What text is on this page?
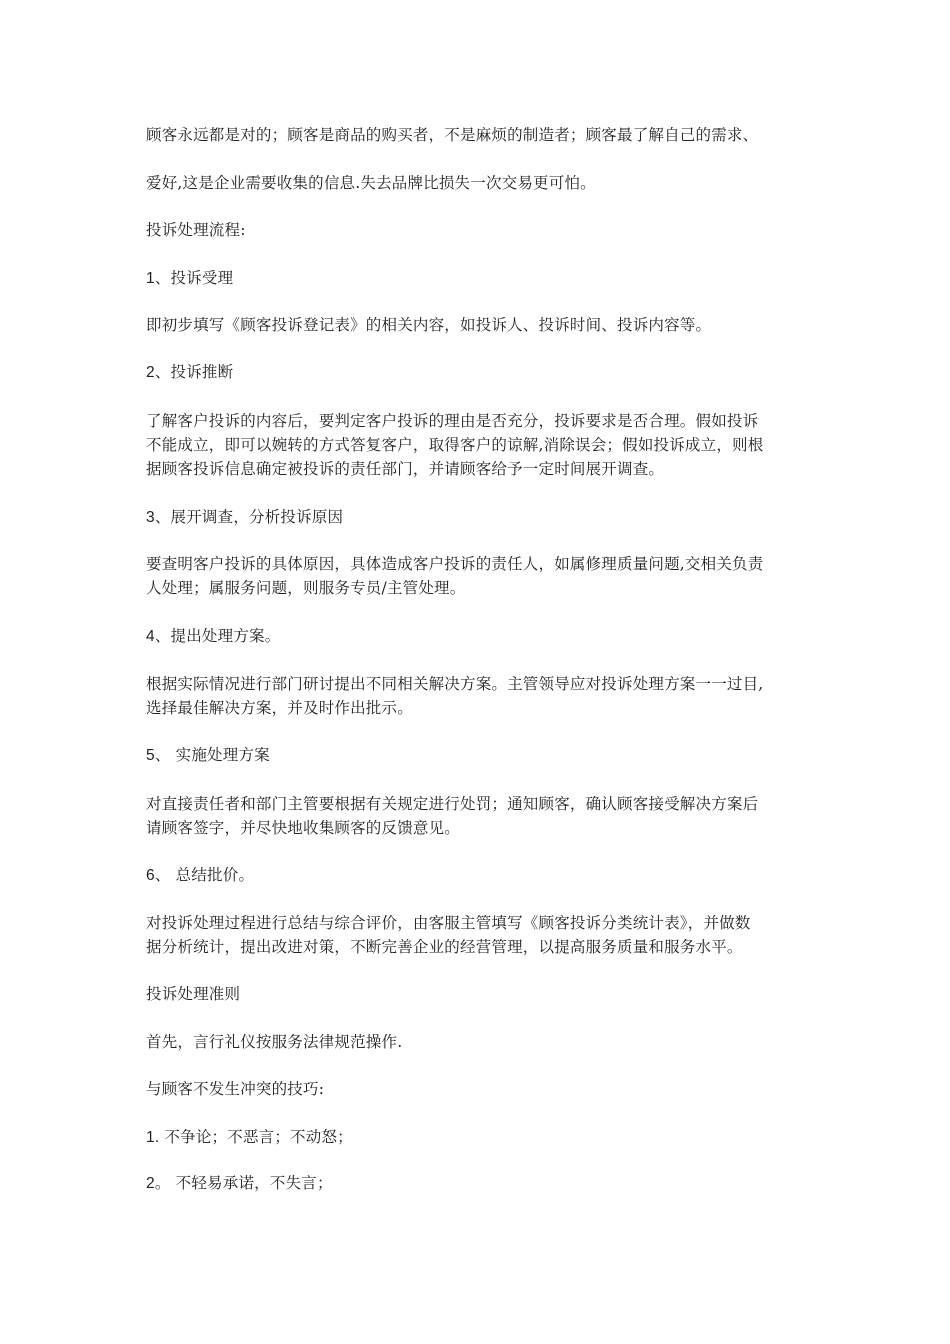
顾客永远都是对的；顾客是商品的购买者，不是麻烦的制造者；顾客最了解自己的需求、
爱好,这是企业需要收集的信息.失去品牌比损失一次交易更可怕。
投诉处理流程:
1、投诉受理
即初步填写《顾客投诉登记表》的相关内容，如投诉人、投诉时间、投诉内容等。
2、投诉推断
了解客户投诉的内容后，要判定客户投诉的理由是否充分，投诉要求是否合理。假如投诉
不能成立，即可以婉转的方式答复客户，取得客户的谅解,消除误会；假如投诉成立，则根
据顾客投诉信息确定被投诉的责任部门，并请顾客给予一定时间展开调查。
3、展开调查，分析投诉原因
要查明客户投诉的具体原因，具体造成客户投诉的责任人，如属修理质量问题,交相关负责
人处理；属服务问题，则服务专员/主管处理。
4、提出处理方案。
根据实际情况进行部门研讨提出不同相关解决方案。主管领导应对投诉处理方案一一过目,
选择最佳解决方案，并及时作出批示。
5、 实施处理方案
对直接责任者和部门主管要根据有关规定进行处罚；通知顾客，确认顾客接受解决方案后
请顾客签字，并尽快地收集顾客的反馈意见。
6、 总结批价。
对投诉处理过程进行总结与综合评价，由客服主管填写《顾客投诉分类统计表》，并做数
据分析统计，提出改进对策，不断完善企业的经营管理，以提高服务质量和服务水平。
投诉处理准则
首先，言行礼仪按服务法律规范操作.
与顾客不发生冲突的技巧:
1. 不争论；不恶言；不动怒；
2。 不轻易承诺，不失言；
